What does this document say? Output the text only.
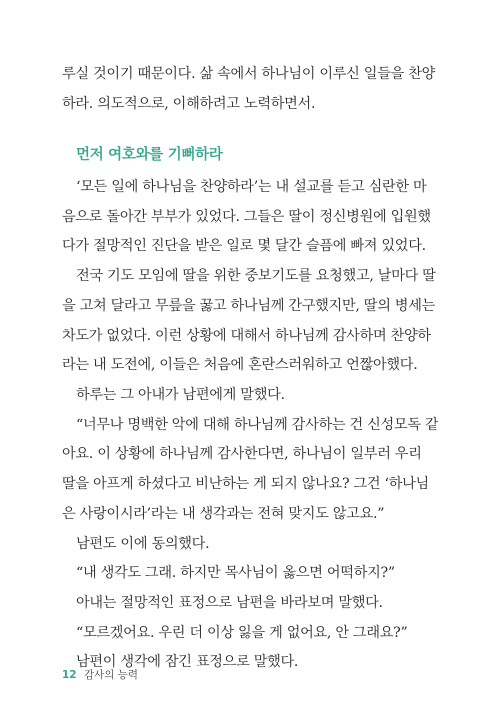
루실 것이기 때문이다. 삶 속에서 하나님이 이루신 일들을 찬양
하라. 의도적으로, 이해하려고 노력하면서.
먼저 여호와를 기뻐하라
‘모든 일에 하나님을 찬양하라’는 내 설교를 듣고 심란한 마
음으로 돌아간 부부가 있었다. 그들은 딸이 정신병원에 입원했
다가 절망적인 진단을 받은 일로 몇 달간 슬픔에 빠져 있었다.
전국 기도 모임에 딸을 위한 중보기도를 요청했고, 날마다 딸
을 고쳐 달라고 무릎을 꿇고 하나님께 간구했지만, 딸의 병세는
차도가 없었다. 이런 상황에 대해서 하나님께 감사하며 찬양하
라는 내 도전에, 이들은 처음에 혼란스러워하고 언짢아했다.
하루는 그 아내가 남편에게 말했다.
“너무나 명백한 악에 대해 하나님께 감사하는 건 신성모독 같
아요. 이 상황에 하나님께 감사한다면, 하나님이 일부러 우리
딸을 아프게 하셨다고 비난하는 게 되지 않나요? 그건 ‘하나님
은 사랑이시라’라는 내 생각과는 전혀 맞지도 않고요.”
남편도 이에 동의했다.
“내 생각도 그래. 하지만 목사님이 옳으면 어떡하지?”
아내는 절망적인 표정으로 남편을 바라보며 말했다.
“모르겠어요. 우린 더 이상 잃을 게 없어요, 안 그래요?”
남편이 생각에 잠긴 표정으로 말했다.
12 감사의 능력
